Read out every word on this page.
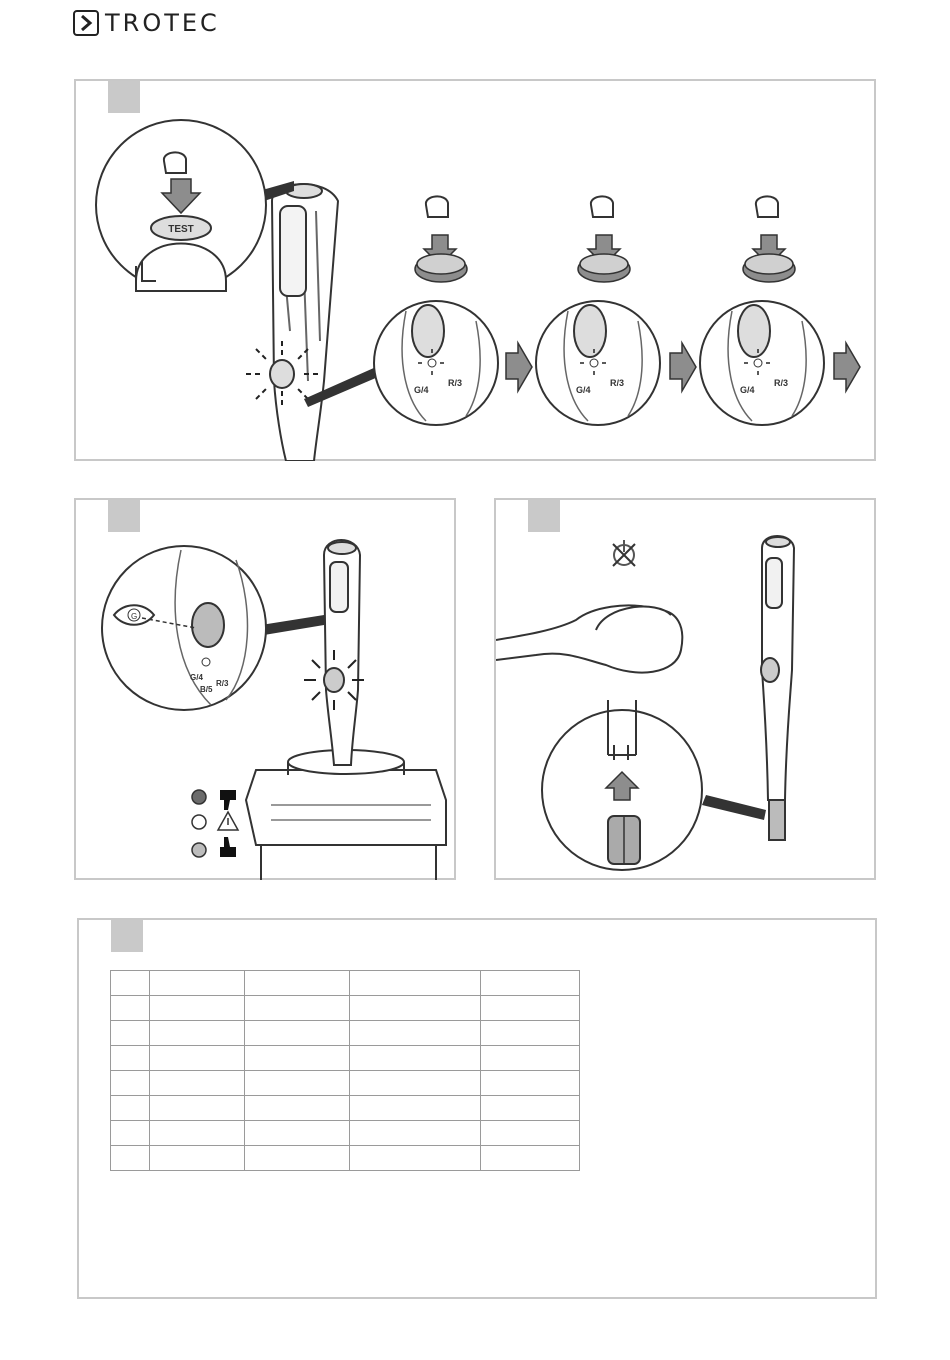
TROTEC
TEST
R/3
G/4
R/3
G/4
R/3
G/4
G
G/4
R/3
B/5
